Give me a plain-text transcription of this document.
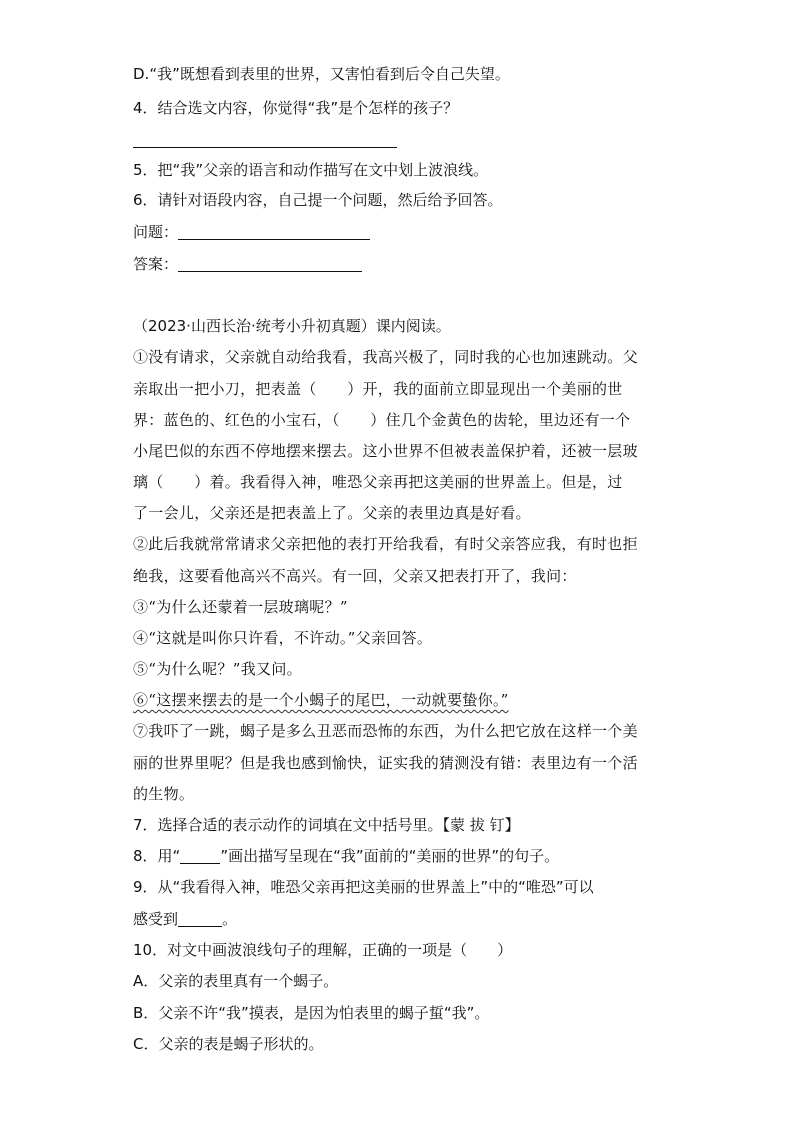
D.“我”既想看到表里的世界，又害怕看到后令自己失望。
4．结合选文内容，你觉得“我”是个怎样的孩子？
5．把“我”父亲的语言和动作描写在文中划上波浪线。
6．请针对语段内容，自己提一个问题，然后给予回答。
问题：
答案：
（2023·山西长治·统考小升初真题）课内阅读。
①没有请求，父亲就自动给我看，我高兴极了，同时我的心也加速跳动。父
亲取出一把小刀，把表盖（　　）开，我的面前立即显现出一个美丽的世
界：蓝色的、红色的小宝石，（　　）住几个金黄色的齿轮，里边还有一个
小尾巴似的东西不停地摆来摆去。这小世界不但被表盖保护着，还被一层玻
璃（　　）着。我看得入神，唯恐父亲再把这美丽的世界盖上。但是，过
了一会儿，父亲还是把表盖上了。父亲的表里边真是好看。
②此后我就常常请求父亲把他的表打开给我看，有时父亲答应我，有时也拒
绝我，这要看他高兴不高兴。有一回，父亲又把表打开了，我问：
③“为什么还蒙着一层玻璃呢？”
④“这就是叫你只许看，不许动。”父亲回答。
⑤“为什么呢？”我又问。
⑥“这摆来摆去的是一个小蝎子的尾巴，一动就要蛰你。”
⑦我吓了一跳，蝎子是多么丑恶而恐怖的东西，为什么把它放在这样一个美
丽的世界里呢？但是我也感到愉快，证实我的猜测没有错：表里边有一个活
的生物。
7．选择合适的表示动作的词填在文中括号里。【蒙 拔 钉】
8．用“	”画出描写呈现在“我”面前的“美丽的世界”的句子。
9．从“我看得入神，唯恐父亲再把这美丽的世界盖上”中的“唯恐”可以
感受到	。
10．对文中画波浪线句子的理解，正确的一项是（　　）
A．父亲的表里真有一个蝎子。
B．父亲不许“我”摸表，是因为怕表里的蝎子蜇“我”。
C．父亲的表是蝎子形状的。
